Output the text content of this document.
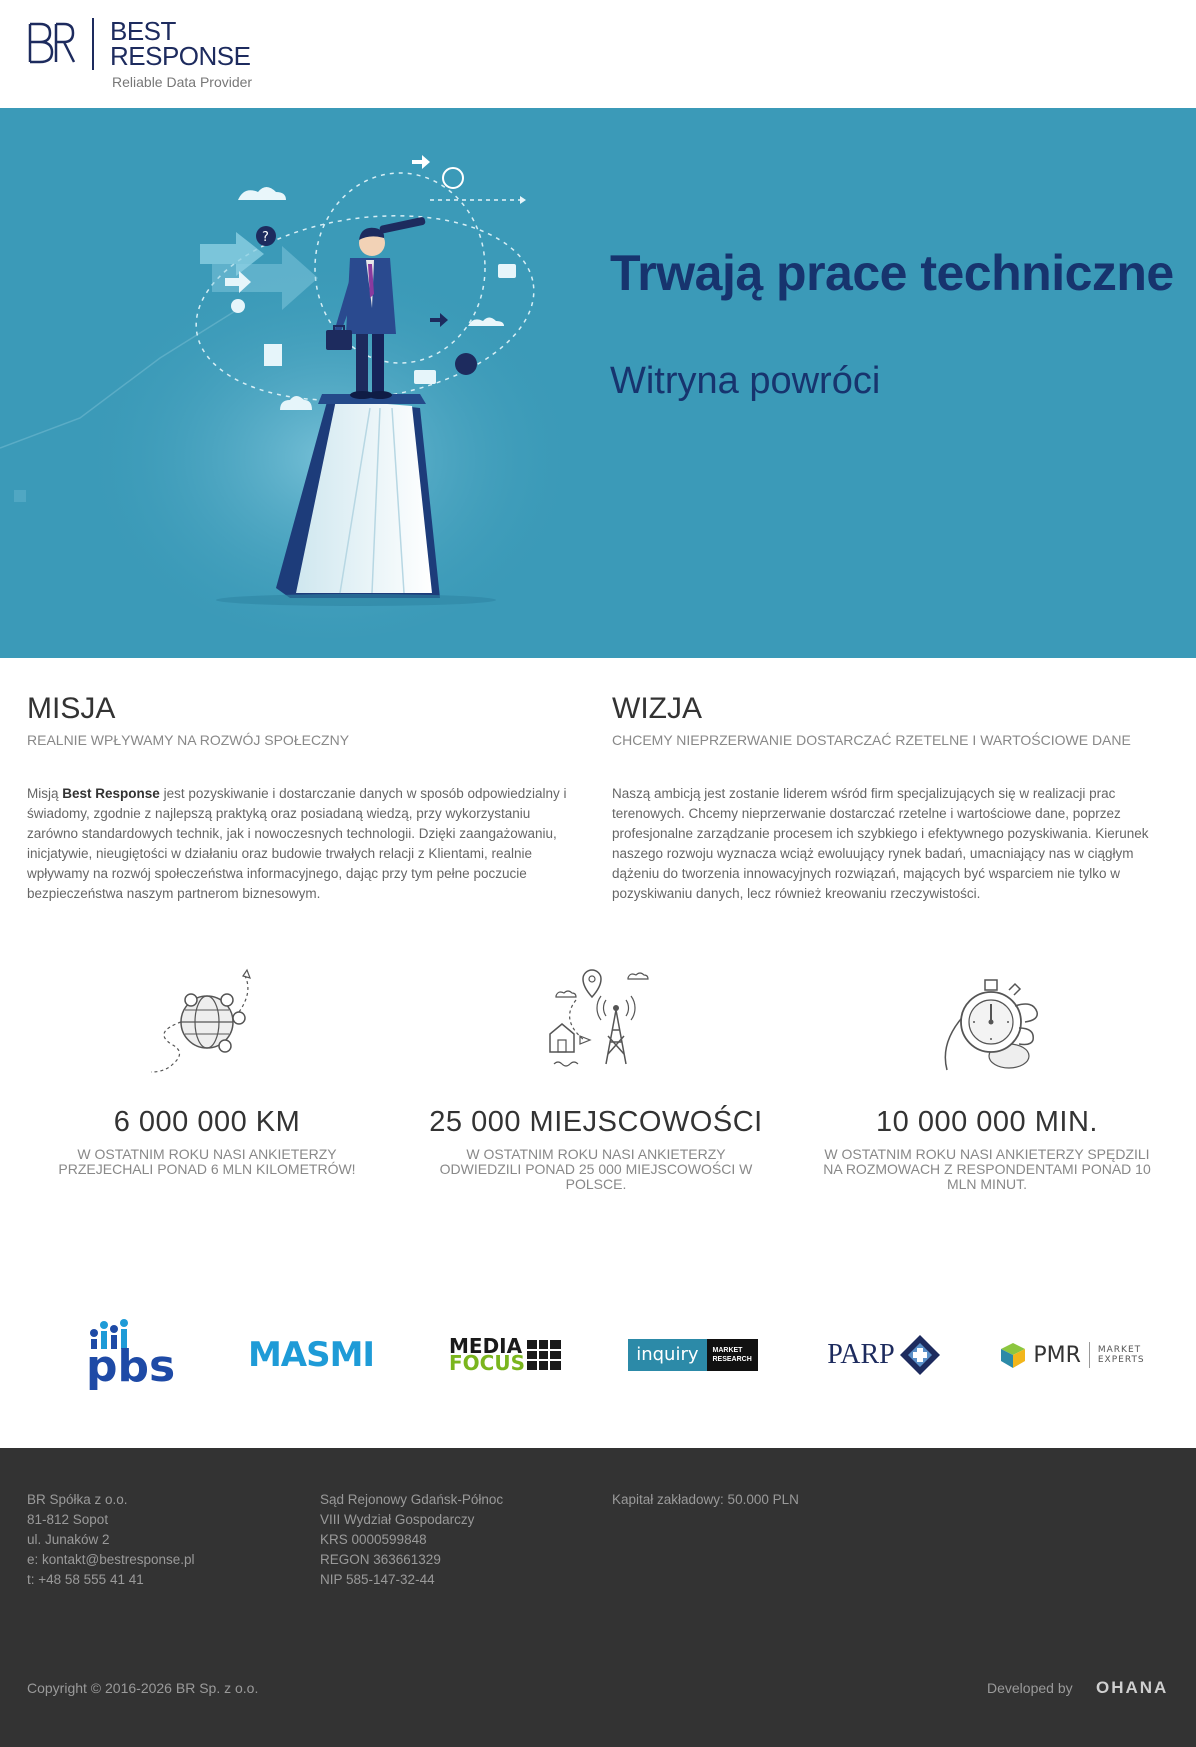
BEST
RESPONSE
Reliable Data Provider
?
Trwają prace techniczne
Witryna powróci
MISJA
REALNIE WPŁYWAMY NA ROZWÓJ SPOŁECZNY

Misją Best Response jest pozyskiwanie i dostarczanie danych w sposób odpowiedzialny i świadomy, zgodnie z najlepszą praktyką oraz posiadaną wiedzą, przy wykorzystaniu zarówno standardowych technik, jak i nowoczesnych technologii. Dzięki zaangażowaniu, inicjatywie, nieugiętości w działaniu oraz budowie trwałych relacji z Klientami, realnie wpływamy na rozwój społeczeństwa informacyjnego, dając przy tym pełne poczucie bezpieczeństwa naszym partnerom biznesowym.

WIZJA
CHCEMY NIEPRZERWANIE DOSTARCZAĆ RZETELNE I WARTOŚCIOWE DANE

Naszą ambicją jest zostanie liderem wśród firm specjalizujących się w realizacji prac terenowych. Chcemy nieprzerwanie dostarczać rzetelne i wartościowe dane, poprzez profesjonalne zarządzanie procesem ich szybkiego i efektywnego pozyskiwania. Kierunek naszego rozwoju wyznacza wciąż ewoluujący rynek badań, umacniający nas w ciągłym dążeniu do tworzenia innowacyjnych rozwiązań, mających być wsparciem nie tylko w pozyskiwaniu danych, lecz również kreowaniu rzeczywistości.

6 000 000 KM
W OSTATNIM ROKU NASI ANKIETERZY PRZEJECHALI PONAD 6 MLN KILOMETRÓW!
25 000 MIEJSCOWOŚCI
W OSTATNIM ROKU NASI ANKIETERZY ODWIEDZILI PONAD 25 000 MIEJSCOWOŚCI W POLSCE.
10 000 000 MIN.
W OSTATNIM ROKU NASI ANKIETERZY SPĘDZILI NA ROZMOWACH Z RESPONDENTAMI PONAD 10 MLN MINUT.
pbs MASMI	MEDIA
FOCUS	inquiry	MARKET
RESEARCH	PARP	PMR MARKET
EXPERTS
BR Spółka z o.o.
81-812 Sopot
ul. Junaków 2
e: kontakt@bestresponse.pl
t: +48 58 555 41 41
Sąd Rejonowy Gdańsk-Północ
VIII Wydział Gospodarczy
KRS 0000599848
REGON 363661329
NIP 585-147-32-44
Kapitał zakładowy: 50.000 PLN
Copyright © 2016-2026 BR Sp. z o.o.	Developed by OHANA
